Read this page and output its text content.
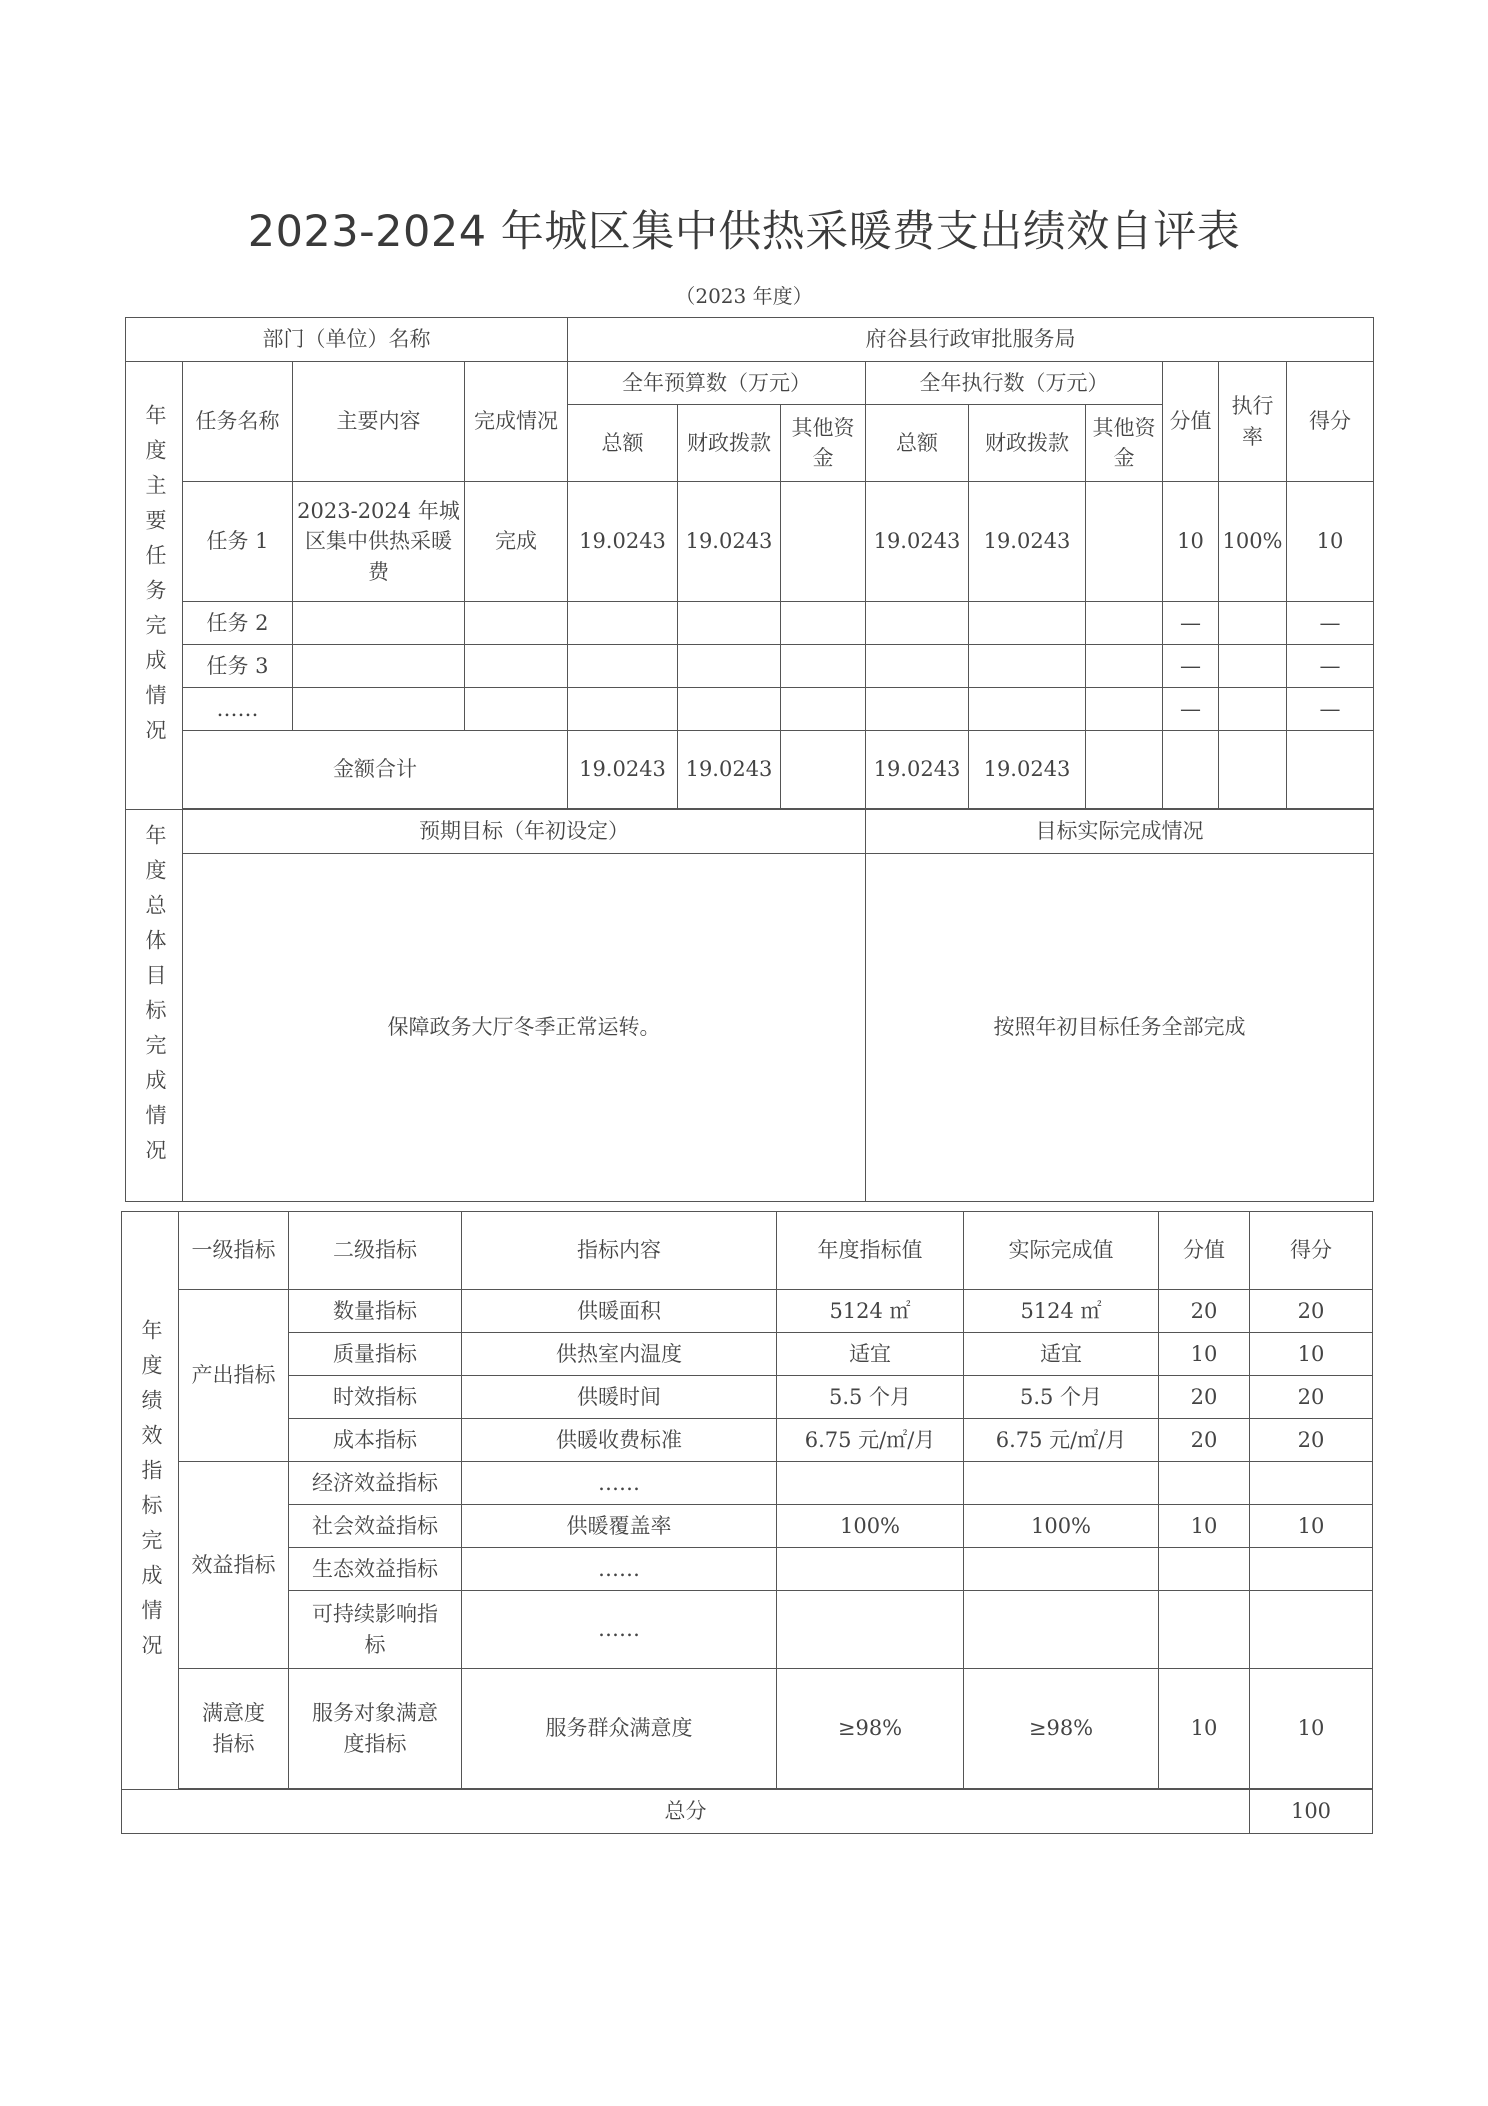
2023-2024 年城区集中供热采暖费支出绩效自评表
（2023 年度）
部门（单位）名称				府谷县行政审批服务局								
年度主要任务完成情况	任务名称	主要内容	完成情况	全年预算数（万元）			全年执行数（万元）			分值	执行率	得分
				总额	财政拨款	其他资金	总额	财政拨款	其他资金			
	任务 1	2023-2024 年城区集中供热采暖费	完成	19.0243	19.0243		19.0243	19.0243		10	100%	10
	任务 2									—		—
	任务 3									—		—
	……									—		—
	金额合计			19.0243	19.0243		19.0243	19.0243				

年度总体目标完成情况	预期目标（年初设定）						目标实际完成情况					
	保障政务大厅冬季正常运转。						按照年初目标任务全部完成					
年度绩效指标完成情况	一级指标	二级指标	指标内容	年度指标值	实际完成值	分值	得分	
	产出指标	数量指标	供暖面积	5124 ㎡	5124 ㎡	20	20	
		质量指标	供热室内温度	适宜	适宜	10	10	
		时效指标	供暖时间	5.5 个月	5.5 个月	20	20	
		成本指标	供暖收费标准	6.75 元/㎡/月	6.75 元/㎡/月	20	20	
	效益指标	经济效益指标	……					
		社会效益指标	供暖覆盖率	100%	100%	10	10	
		生态效益指标	……					
		可持续影响指标	……					
	满意度指标	服务对象满意度指标	服务群众满意度	≥98%	≥98%	10	10	

总分							100	
